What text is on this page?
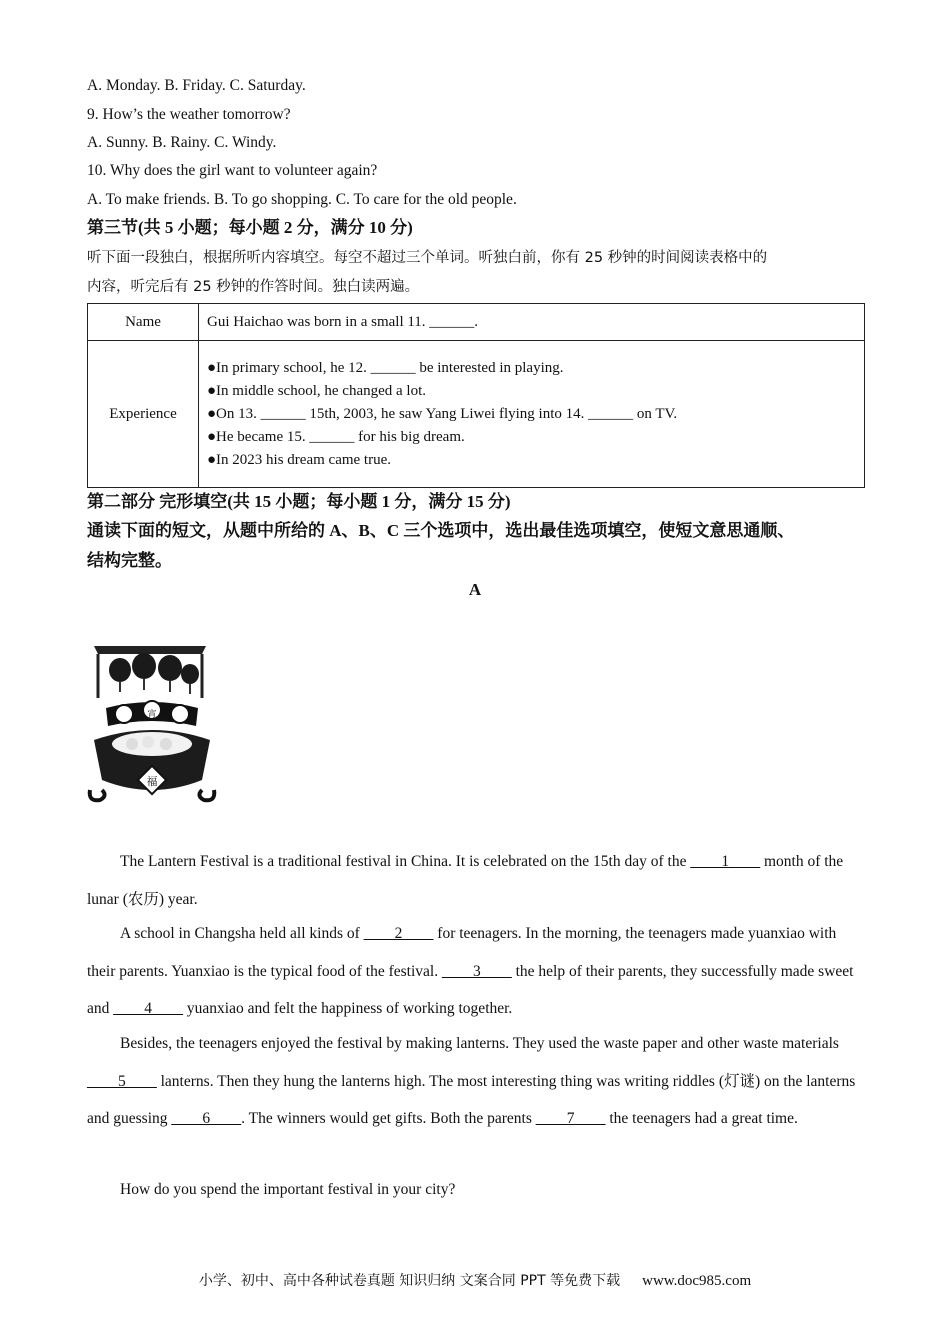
A. Monday. B. Friday. C. Saturday.
9. How’s the weather tomorrow?
A. Sunny. B. Rainy. C. Windy.
10. Why does the girl want to volunteer again?
A. To make friends. B. To go shopping. C. To care for the old people.
第三节(共 5 小题；每小题 2 分，满分 10 分)
听下面一段独白，根据所听内容填空。每空不超过三个单词。听独白前，你有 25 秒钟的时间阅读表格中的
内容，听完后有 25 秒钟的作答时间。独白读两遍。
Name	Gui Haichao was born in a small 11. ______.
Experience	●In primary school, he 12. ______ be interested in playing.
●In middle school, he changed a lot.
●On 13. ______ 15th, 2003, he saw Yang Liwei flying into 14. ______ on TV.
●He became 15. ______ for his big dream.
●In 2023 his dream came true.
第二部分 完形填空(共 15 小题；每小题 1 分，满分 15 分)
通读下面的短文，从题中所给的 A、B、C 三个选项中，选出最佳选项填空，使短文意思通顺、
结构完整。
A
元 宵 节
福

The Lantern Festival is a traditional festival in China. It is celebrated on the 15th day of the ____1____ month of the lunar (农历) year.

A school in Changsha held all kinds of ____2____ for teenagers. In the morning, the teenagers made yuanxiao with their parents. Yuanxiao is the typical food of the festival. ____3____ the help of their parents, they successfully made sweet and ____4____ yuanxiao and felt the happiness of working together.

Besides, the teenagers enjoyed the festival by making lanterns. They used the waste paper and other waste materials ____5____ lanterns. Then they hung the lanterns high. The most interesting thing was writing riddles (灯谜) on the lanterns and guessing ____6____. The winners would get gifts. Both the parents ____7____ the teenagers had a great time.

How do you spend the important festival in your city?

小学、初中、高中各种试卷真题 知识归纳 文案合同 PPT 等免费下载 www.doc985.com
